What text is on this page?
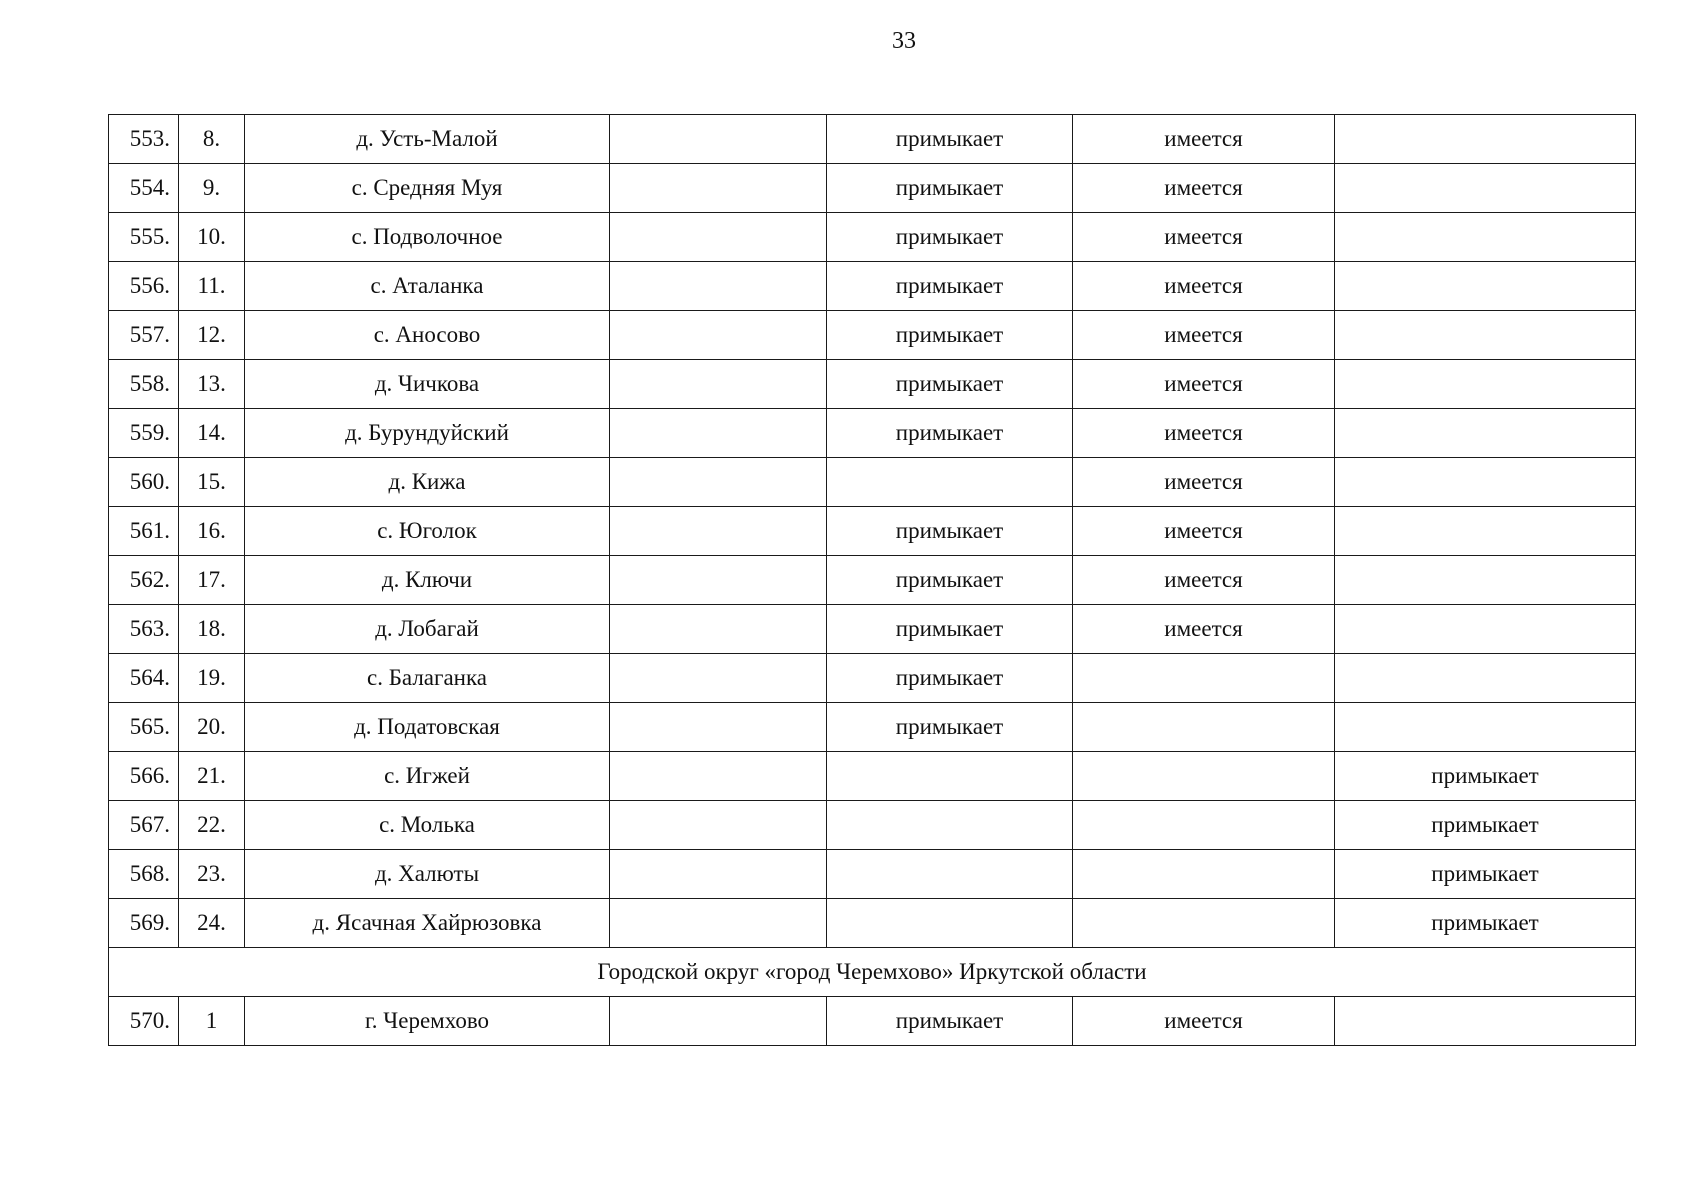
33
553.	8.	д. Усть-Малой		примыкает	имеется	
554.	9.	с. Средняя Муя		примыкает	имеется	
555.	10.	с. Подволочное		примыкает	имеется	
556.	11.	с. Аталанка		примыкает	имеется	
557.	12.	с. Аносово		примыкает	имеется	
558.	13.	д. Чичкова		примыкает	имеется	
559.	14.	д. Бурундуйский		примыкает	имеется	
560.	15.	д. Кижа			имеется	
561.	16.	с. Юголок		примыкает	имеется	
562.	17.	д. Ключи		примыкает	имеется	
563.	18.	д. Лобагай		примыкает	имеется	
564.	19.	с. Балаганка		примыкает		
565.	20.	д. Податовская		примыкает		
566.	21.	с. Игжей				примыкает
567.	22.	с. Молька				примыкает
568.	23.	д. Халюты				примыкает
569.	24.	д. Ясачная Хайрюзовка				примыкает
Городской округ «город Черемхово» Иркутской области						
570.	1	г. Черемхово		примыкает	имеется	
